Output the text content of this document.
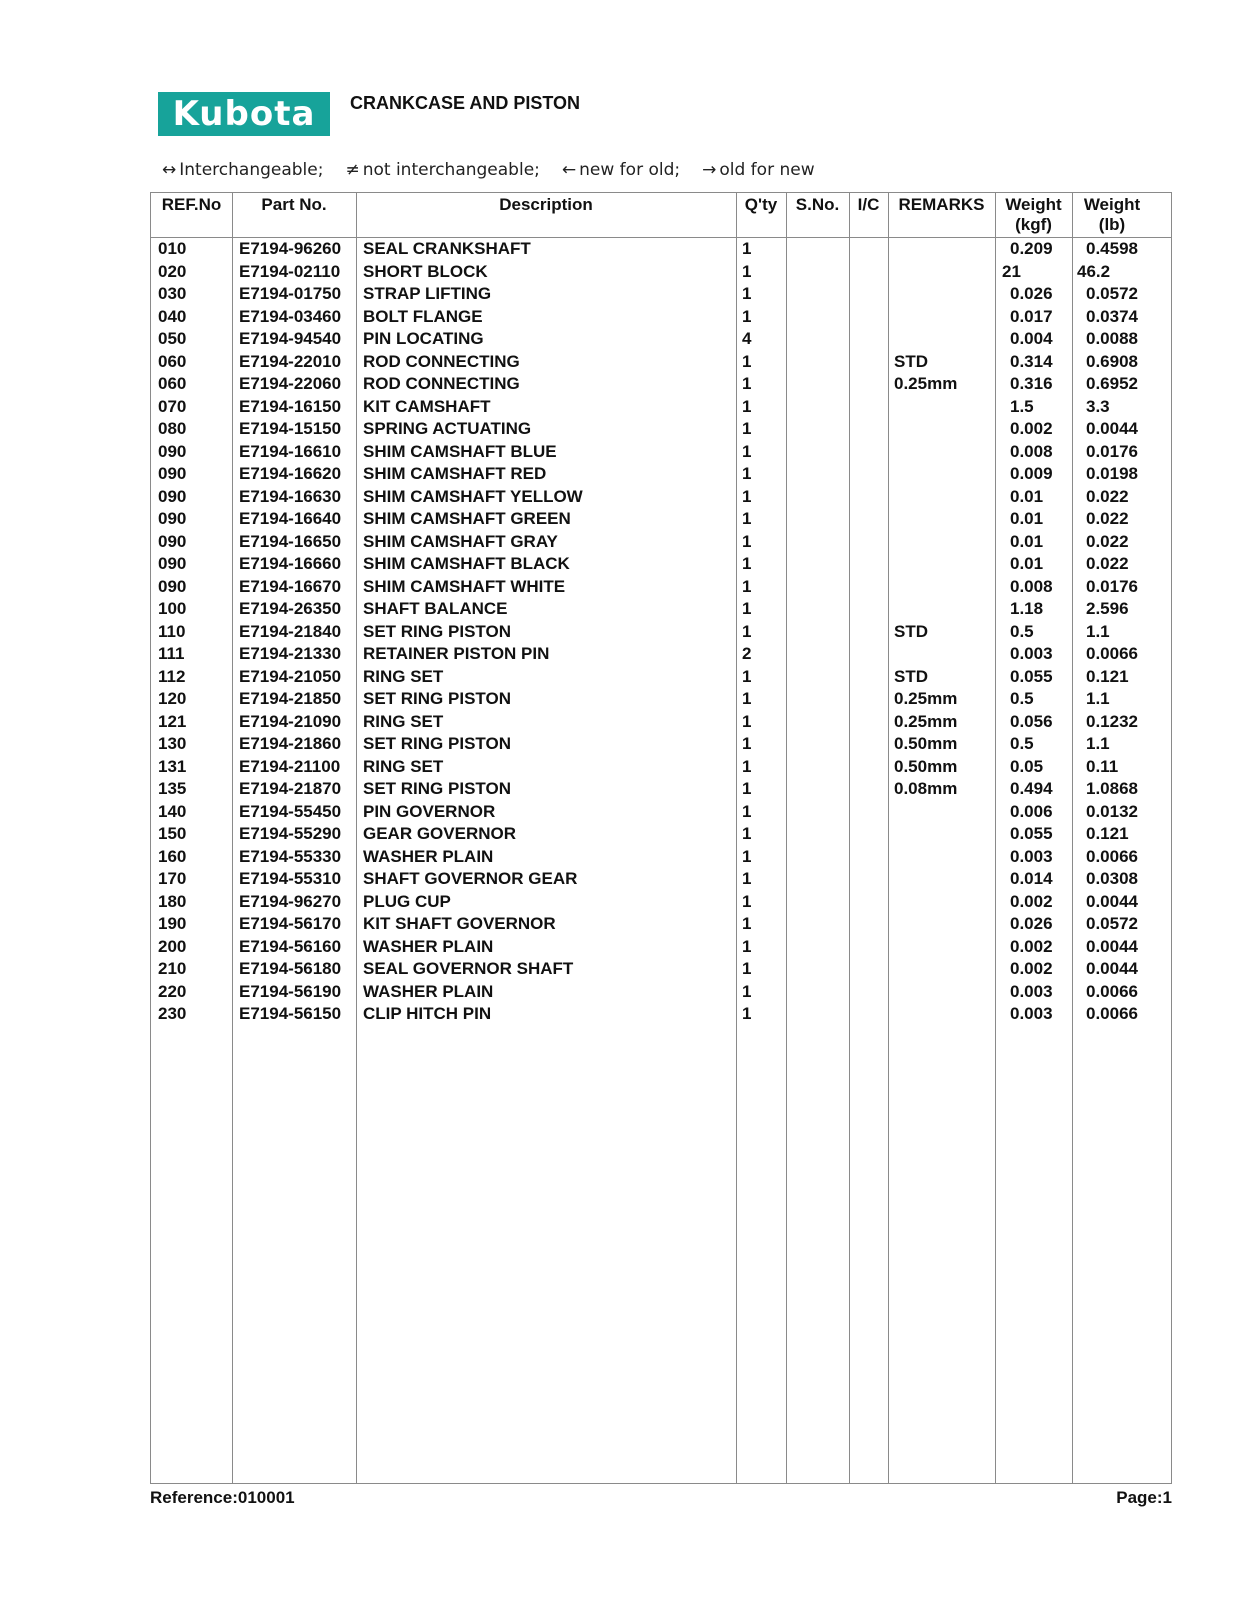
Kubota CRANKCASE AND PISTON
↔ Interchangeable; ≠ not interchangeable; ← new for old; → old for new
REF.No	Part No.	Description	Q'ty	S.No.	I/C	REMARKS	Weight
(kgf)
Weight
(lb)
010	E7194-96260 SEAL CRANKSHAFT	1	0.209 0.4598
020	E7194-02110 SHORT BLOCK	1	21	46.2
030	E7194-01750 STRAP LIFTING	1	0.026 0.0572
040	E7194-03460 BOLT FLANGE	1	0.017 0.0374
050	E7194-94540 PIN LOCATING	4	0.004 0.0088
060	E7194-22010 ROD CONNECTING	1	STD	0.314 0.6908
060	E7194-22060 ROD CONNECTING	1	0.25mm	0.316 0.6952
070	E7194-16150 KIT CAMSHAFT	1	1.5	3.3
080	E7194-15150 SPRING ACTUATING	1	0.002 0.0044
090	E7194-16610 SHIM CAMSHAFT BLUE	1	0.008 0.0176
090	E7194-16620 SHIM CAMSHAFT RED	1	0.009 0.0198
090	E7194-16630 SHIM CAMSHAFT YELLOW	1	0.01	0.022
090	E7194-16640 SHIM CAMSHAFT GREEN	1	0.01	0.022
090	E7194-16650 SHIM CAMSHAFT GRAY	1	0.01	0.022
090	E7194-16660 SHIM CAMSHAFT BLACK	1	0.01	0.022
090	E7194-16670 SHIM CAMSHAFT WHITE	1	0.008 0.0176
100	E7194-26350 SHAFT BALANCE	1	1.18	2.596
110	E7194-21840 SET RING PISTON	1	STD	0.5	1.1
111	E7194-21330 RETAINER PISTON PIN	2	0.003 0.0066
112	E7194-21050 RING SET	1	STD	0.055 0.121
120	E7194-21850 SET RING PISTON	1	0.25mm	0.5	1.1
121	E7194-21090 RING SET	1	0.25mm	0.056 0.1232
130	E7194-21860 SET RING PISTON	1	0.50mm	0.5	1.1
131	E7194-21100 RING SET	1	0.50mm	0.05	0.11
135	E7194-21870 SET RING PISTON	1	0.08mm	0.494 1.0868
140	E7194-55450 PIN GOVERNOR	1	0.006 0.0132
150	E7194-55290 GEAR GOVERNOR	1	0.055 0.121
160	E7194-55330 WASHER PLAIN	1	0.003 0.0066
170	E7194-55310 SHAFT GOVERNOR GEAR	1	0.014 0.0308
180	E7194-96270 PLUG CUP	1	0.002 0.0044
190	E7194-56170 KIT SHAFT GOVERNOR	1	0.026 0.0572
200	E7194-56160 WASHER PLAIN	1	0.002 0.0044
210	E7194-56180 SEAL GOVERNOR SHAFT	1	0.002 0.0044
220	E7194-56190 WASHER PLAIN	1	0.003 0.0066
230	E7194-56150 CLIP HITCH PIN	1	0.003 0.0066
Reference:010001	Page:1
